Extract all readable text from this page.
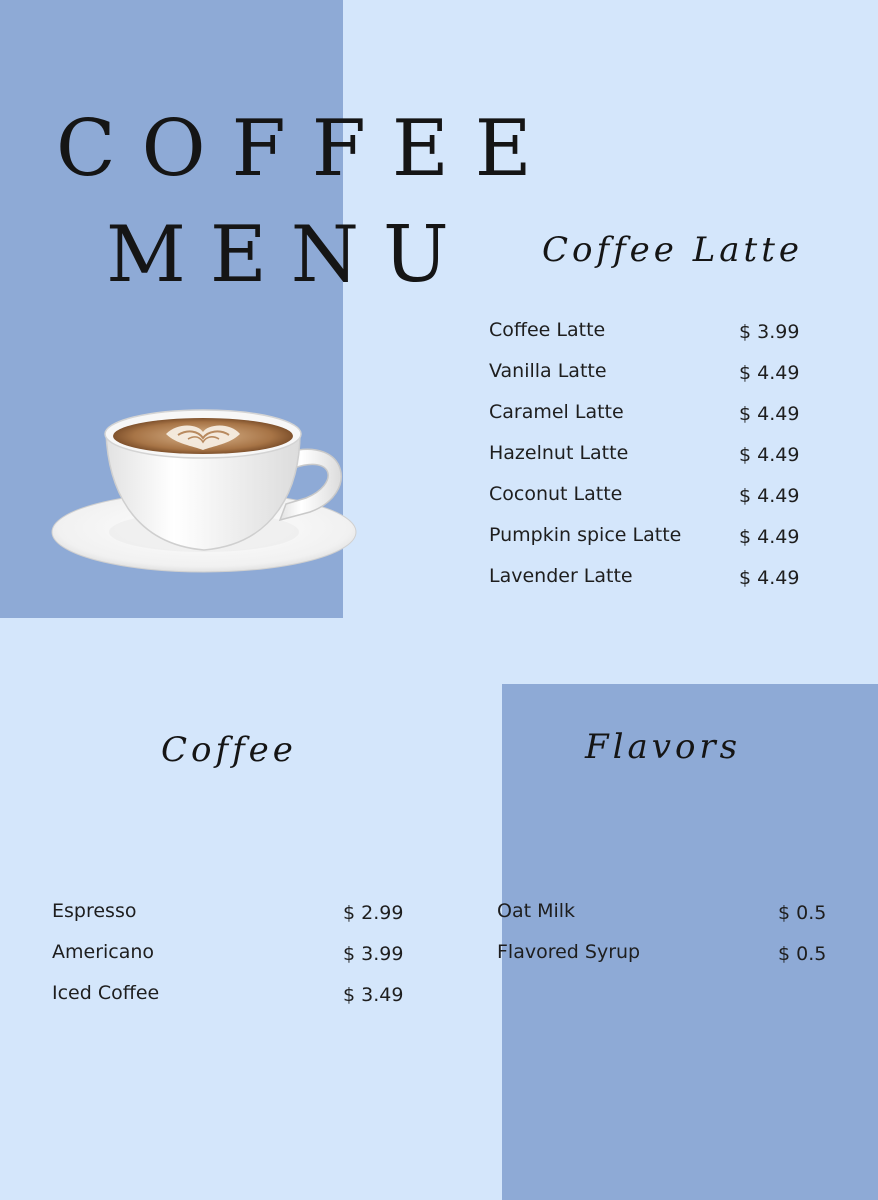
COFFEE
MENU Coffee Latte
Coffee Latte	$ 3.99
Vanilla Latte	$ 4.49
Caramel Latte	$ 4.49
Hazelnut Latte	$ 4.49
Coconut Latte	$ 4.49
Pumpkin spice Latte	$ 4.49
Lavender Latte	$ 4.49
Coffee
Espresso	$ 2.99
Americano	$ 3.99
Iced Coffee	$ 3.49
Flavors
Oat Milk	$ 0.5
Flavored Syrup	$ 0.5
